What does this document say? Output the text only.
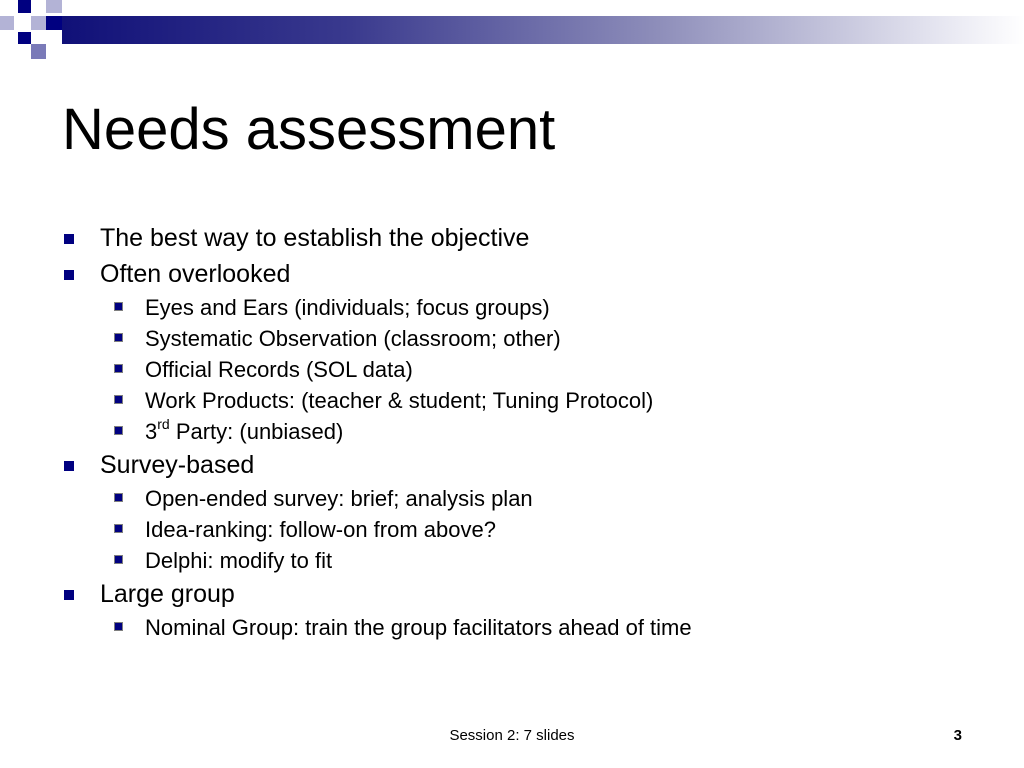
Needs assessment
The best way to establish the objective
Often overlooked
Eyes and Ears (individuals; focus groups)
Systematic Observation (classroom; other)
Official Records (SOL data)
Work Products: (teacher & student; Tuning Protocol)
3rd Party: (unbiased)
Survey-based
Open-ended survey: brief; analysis plan
Idea-ranking: follow-on from above?
Delphi: modify to fit
Large group
Nominal Group: train the group facilitators ahead of time
Session 2: 7 slides	3
